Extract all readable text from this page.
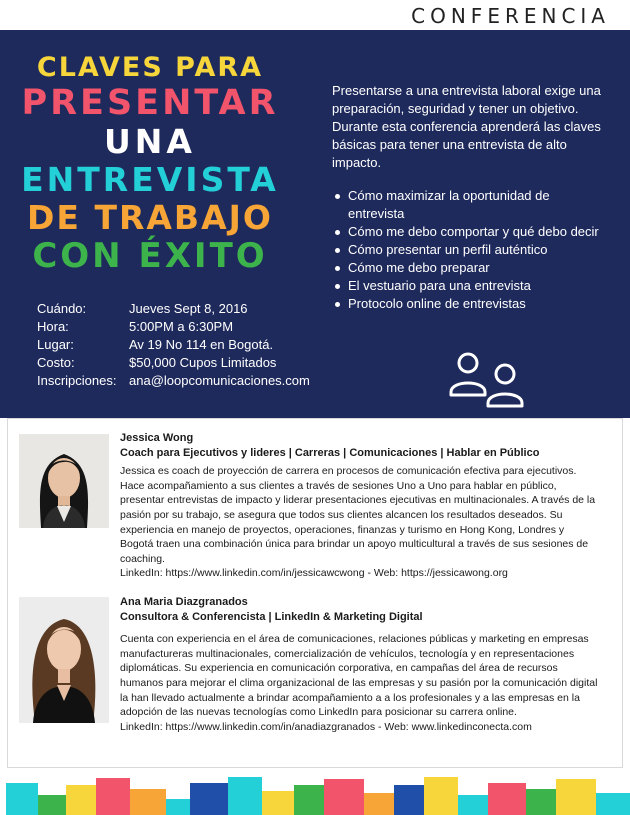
CONFERENCIA
CLAVES PARA
PRESENTAR
UNA
ENTREVISTA
DE TRABAJO
CON ÉXITO
Presentarse a una entrevista laboral exige una preparación, seguridad y tener un objetivo. Durante esta conferencia aprenderá las claves básicas para tener una entrevista de alto impacto.
Cómo maximizar la oportunidad de entrevista
Cómo me debo comportar y qué debo decir
Cómo presentar un perfil auténtico
Cómo me debo preparar
El vestuario para una entrevista
Protocolo online de entrevistas
Cuándo:	Jueves Sept 8, 2016
Hora:	5:00PM a 6:30PM
Lugar:	Av 19 No 114 en Bogotá.
Costo:	$50,000 Cupos Limitados
Inscripciones: ana@loopcomunicaciones.com
Jessica Wong
Coach para Ejecutivos y lideres | Carreras | Comunicaciones | Hablar en Público
Jessica es coach de proyección de carrera en procesos de comunicación efectiva para ejecutivos. Hace acompañamiento a sus clientes a través de sesiones Uno a Uno para hablar en público, presentar entrevistas de impacto y liderar presentaciones ejecutivas en multinacionales. A través de la pasión por su trabajo, se asegura que todos sus clientes alcancen los resultados deseados. Su experiencia en manejo de proyectos, operaciones, finanzas y turismo en Hong Kong, Londres y Bogotá traen una combinación única para brindar un apoyo multicultural a través de sus sesiones de coaching.
LinkedIn: https://www.linkedin.com/in/jessicawcwong - Web: https://jessicawong.org
Ana Maria Diazgranados
Consultora & Conferencista | LinkedIn & Marketing Digital
Cuenta con experiencia en el área de comunicaciones, relaciones públicas y marketing en empresas manufactureras multinacionales, comercialización de vehículos, tecnología y en representaciones diplomáticas. Su experiencia en comunicación corporativa, en campañas del área de recursos humanos para mejorar el clima organizacional de las empresas y su pasión por la comunicación digital la han llevado actualmente a brindar acompañamiento a a los profesionales y a las empresas en la adopción de las nuevas tecnologías como LinkedIn para posicionar su carrera online.
LinkedIn: https://www.linkedin.com/in/anadiazgranados - Web: www.linkedinconecta.com
